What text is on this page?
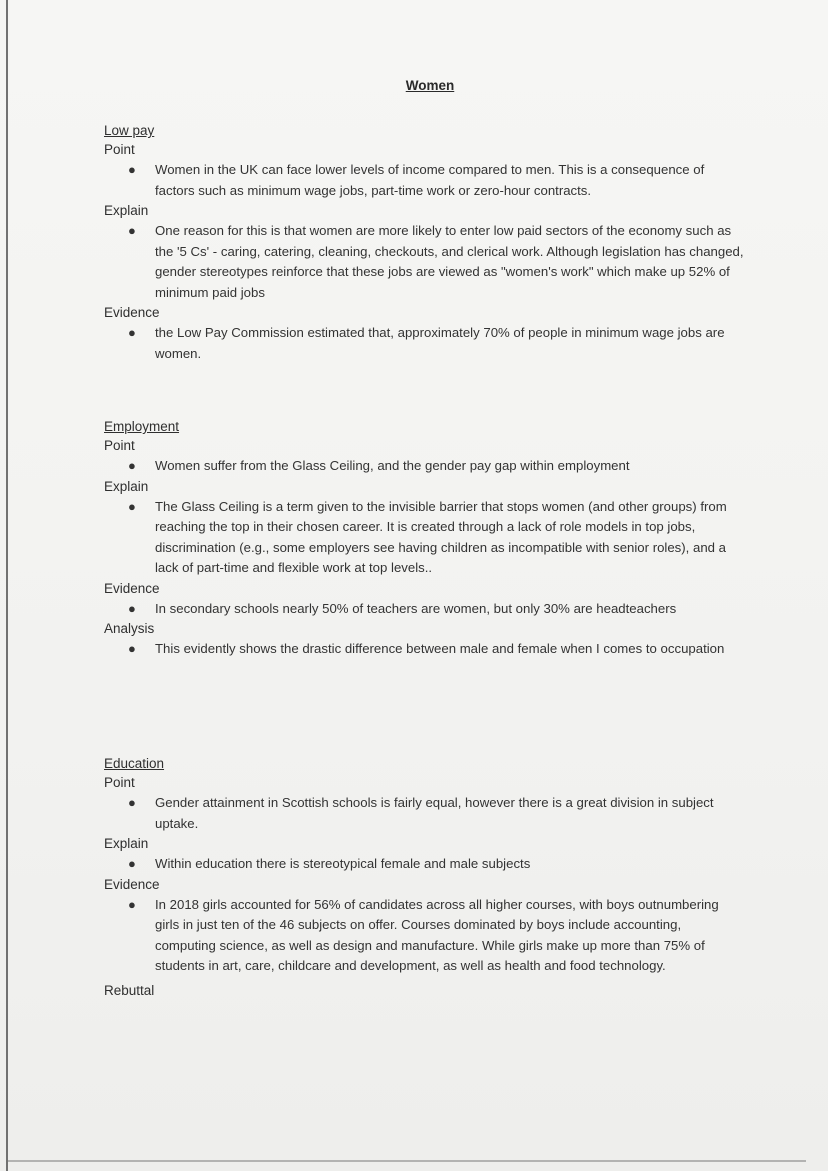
Women
Low pay
Point
● Women in the UK can face lower levels of income compared to men. This is a consequence of factors such as minimum wage jobs, part-time work or zero-hour contracts.
Explain
● One reason for this is that women are more likely to enter low paid sectors of the economy such as the '5 Cs' - caring, catering, cleaning, checkouts, and clerical work. Although legislation has changed, gender stereotypes reinforce that these jobs are viewed as "women's work" which make up 52% of minimum paid jobs
Evidence
● the Low Pay Commission estimated that, approximately 70% of people in minimum wage jobs are women.
Employment
Point
● Women suffer from the Glass Ceiling, and the gender pay gap within employment
Explain
● The Glass Ceiling is a term given to the invisible barrier that stops women (and other groups) from reaching the top in their chosen career. It is created through a lack of role models in top jobs, discrimination (e.g., some employers see having children as incompatible with senior roles), and a lack of part-time and flexible work at top levels..
Evidence
● In secondary schools nearly 50% of teachers are women, but only 30% are headteachers
Analysis
● This evidently shows the drastic difference between male and female when I comes to occupation
Education
Point
● Gender attainment in Scottish schools is fairly equal, however there is a great division in subject uptake.
Explain
● Within education there is stereotypical female and male subjects
Evidence
● In 2018 girls accounted for 56% of candidates across all higher courses, with boys outnumbering girls in just ten of the 46 subjects on offer. Courses dominated by boys include accounting, computing science, as well as design and manufacture. While girls make up more than 75% of students in art, care, childcare and development, as well as health and food technology.
Rebuttal
